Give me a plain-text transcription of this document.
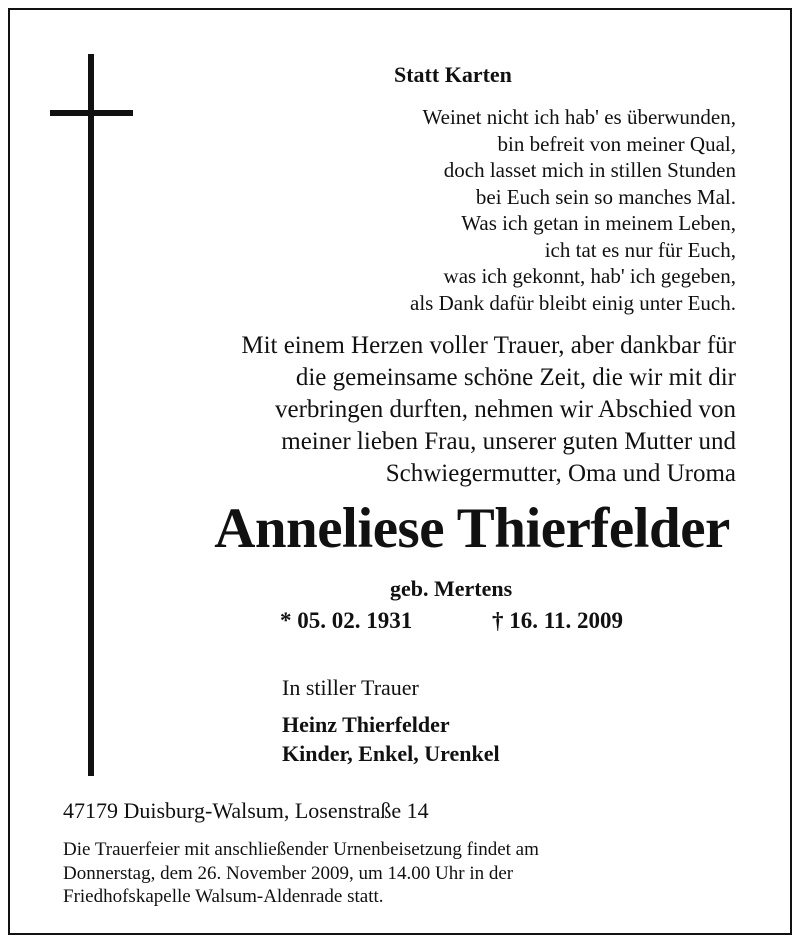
Statt Karten
Weinet nicht ich hab' es überwunden,
bin befreit von meiner Qual,
doch lasset mich in stillen Stunden
bei Euch sein so manches Mal.
Was ich getan in meinem Leben,
ich tat es nur für Euch,
was ich gekonnt, hab' ich gegeben,
als Dank dafür bleibt einig unter Euch.
Mit einem Herzen voller Trauer, aber dankbar für
die gemeinsame schöne Zeit, die wir mit dir
verbringen durften, nehmen wir Abschied von
meiner lieben Frau, unserer guten Mutter und
Schwiegermutter, Oma und Uroma
Anneliese Thierfelder
geb. Mertens
* 05. 02. 1931	† 16. 11. 2009
In stiller Trauer
Heinz Thierfelder
Kinder, Enkel, Urenkel
47179 Duisburg-Walsum, Losenstraße 14
Die Trauerfeier mit anschließender Urnenbeisetzung findet am
Donnerstag, dem 26. November 2009, um 14.00 Uhr in der
Friedhofskapelle Walsum-Aldenrade statt.
